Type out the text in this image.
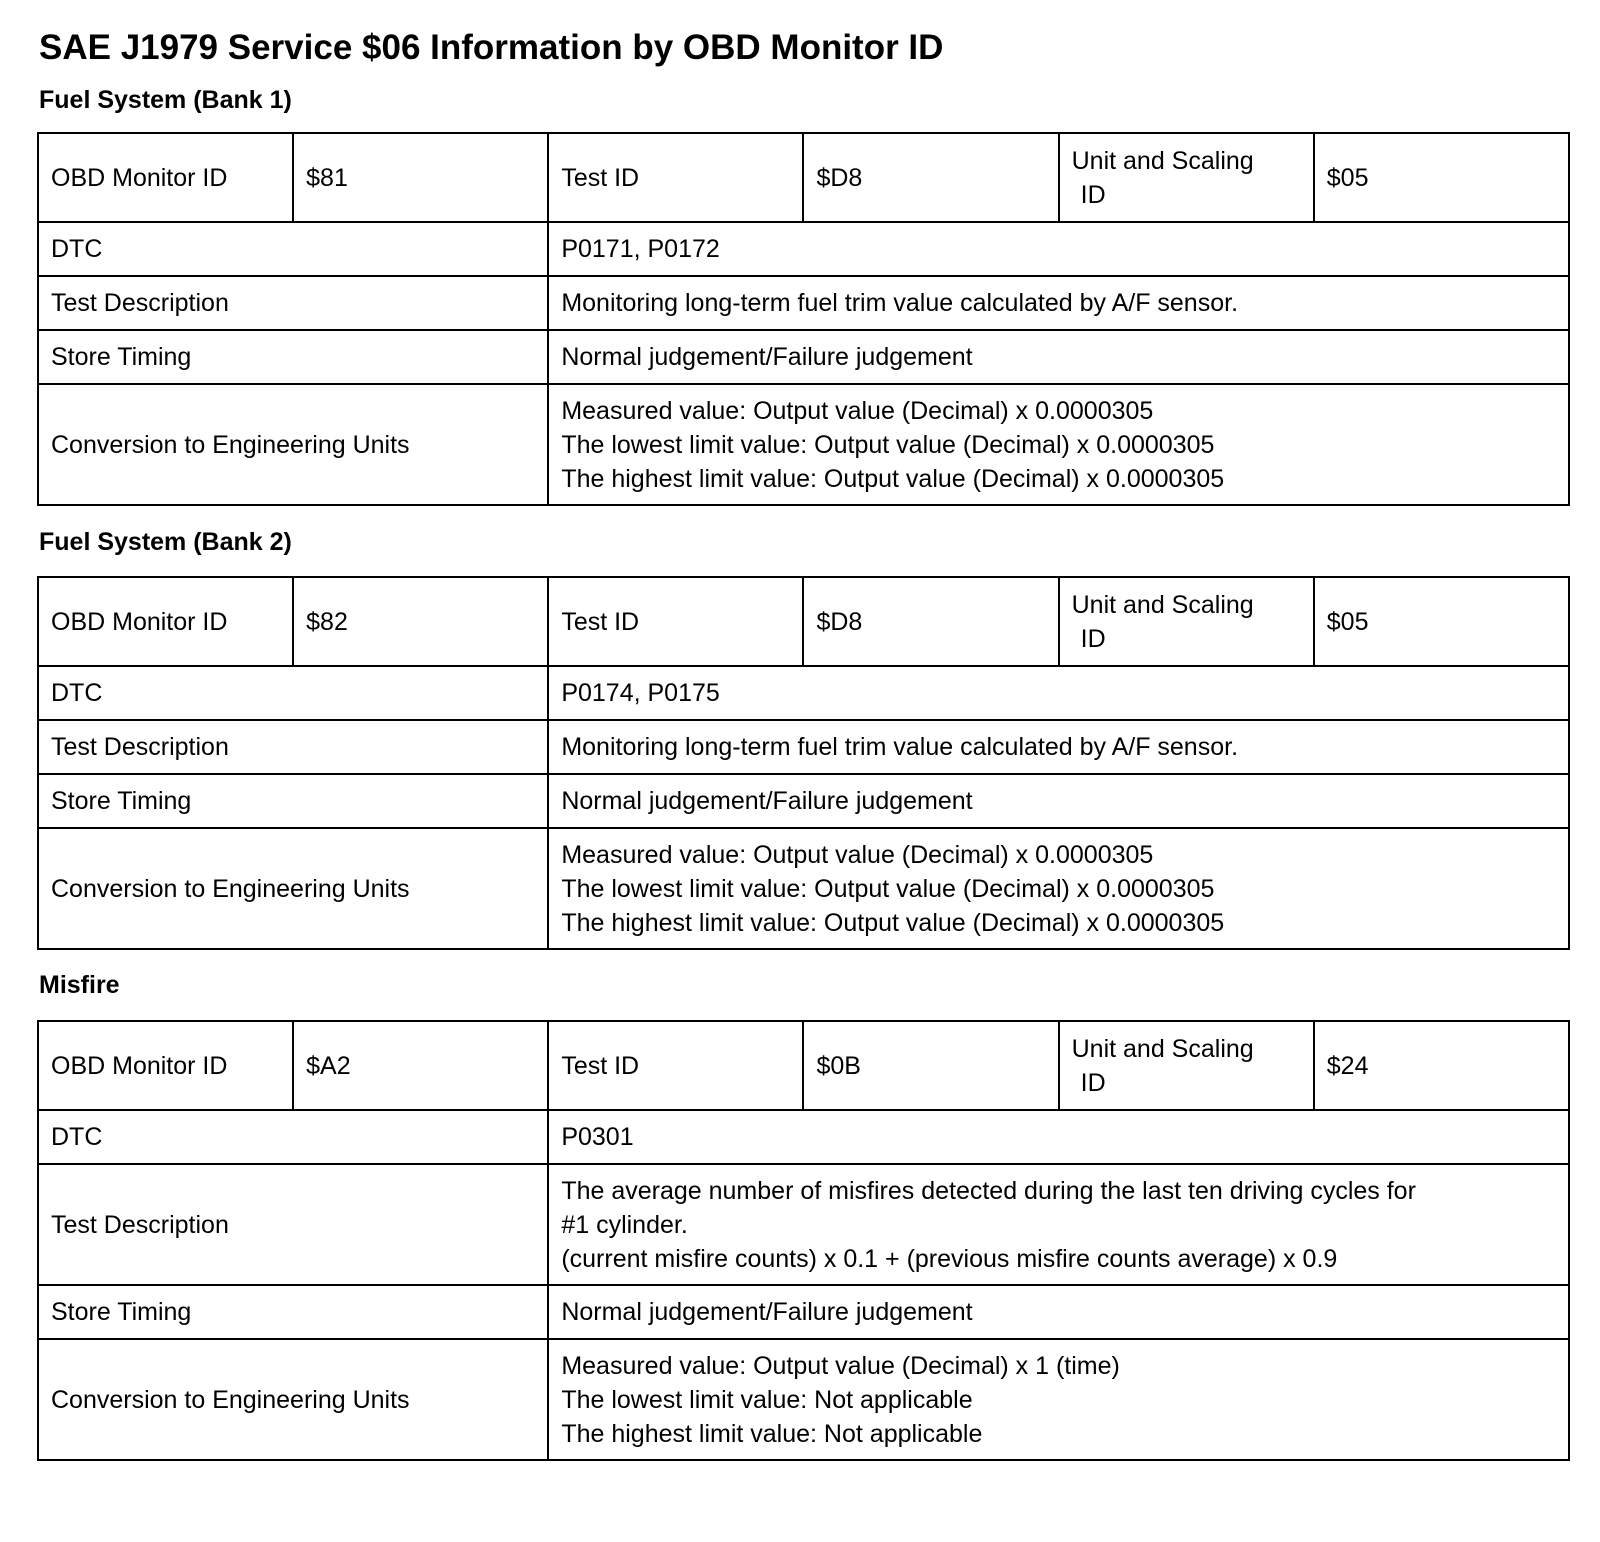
SAE J1979 Service $06 Information by OBD Monitor ID
Fuel System (Bank 1)
OBD Monitor ID	$81	Test ID	$D8	Unit and Scaling
ID	$05
DTC		P0171, P0172			
Test Description		Monitoring long-term fuel trim value calculated by A/F sensor.			

Store Timing		Normal judgement/Failure judgement			
Conversion to Engineering Units		Measured value: Output value (Decimal) x 0.0000305
The lowest limit value: Output value (Decimal) x 0.0000305
The highest limit value: Output value (Decimal) x 0.0000305			
Fuel System (Bank 2)
OBD Monitor ID	$82	Test ID	$D8	Unit and Scaling
ID	$05
DTC		P0174, P0175			
Test Description		Monitoring long-term fuel trim value calculated by A/F sensor.			

Store Timing		Normal judgement/Failure judgement			
Conversion to Engineering Units		Measured value: Output value (Decimal) x 0.0000305
The lowest limit value: Output value (Decimal) x 0.0000305
The highest limit value: Output value (Decimal) x 0.0000305			
Misfire
OBD Monitor ID	$A2	Test ID	$0B	Unit and Scaling
ID	$24
DTC		P0301			
Test Description		The average number of misfires detected during the last ten driving cycles for
#1 cylinder.
(current misfire counts) x 0.1 + (previous misfire counts average) x 0.9			

Store Timing		Normal judgement/Failure judgement			
Conversion to Engineering Units		Measured value: Output value (Decimal) x 1 (time)
The lowest limit value: Not applicable
The highest limit value: Not applicable			
